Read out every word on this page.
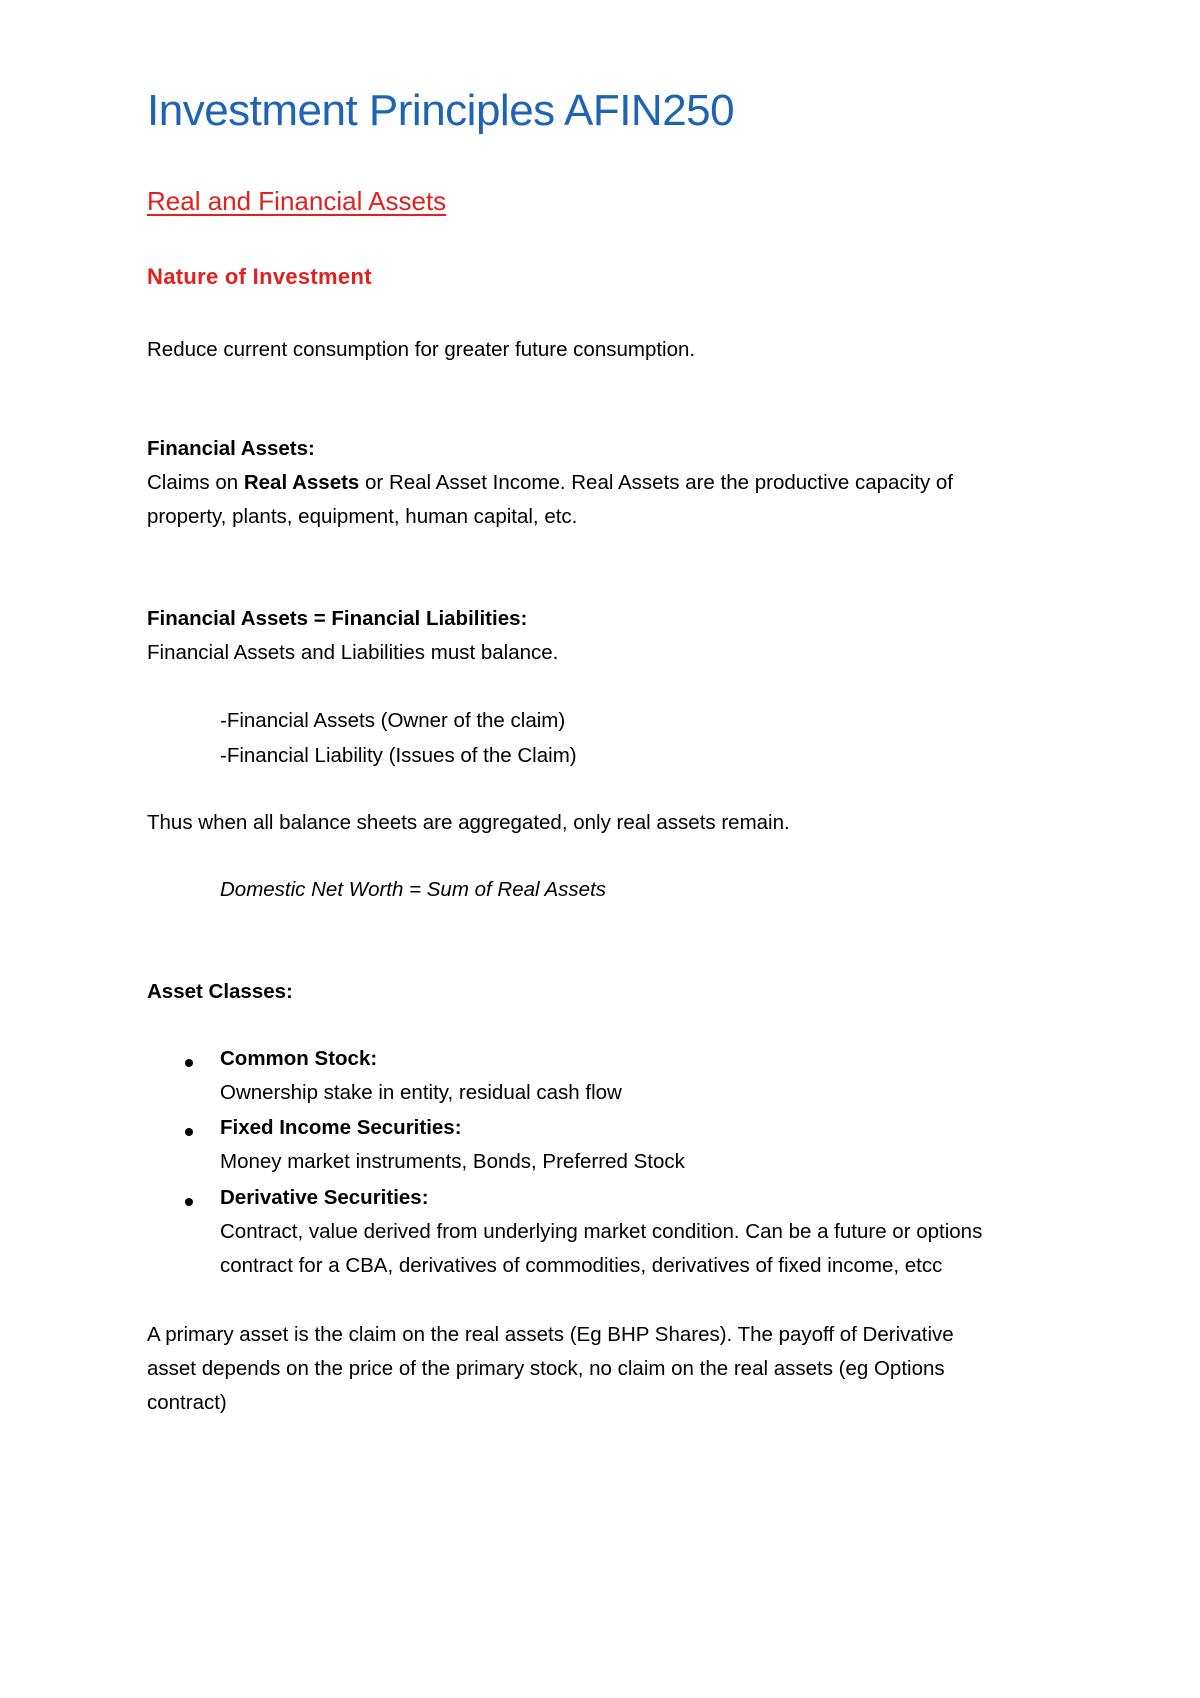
Investment Principles AFIN250
Real and Financial Assets
Nature of Investment
Reduce current consumption for greater future consumption.
Financial Assets:
Claims on Real Assets or Real Asset Income. Real Assets are the productive capacity of
property, plants, equipment, human capital, etc.
Financial Assets = Financial Liabilities:
Financial Assets and Liabilities must balance.
-Financial Assets (Owner of the claim)
-Financial Liability (Issues of the Claim)
Thus when all balance sheets are aggregated, only real assets remain.
Domestic Net Worth = Sum of Real Assets
Asset Classes:
Common Stock:
Ownership stake in entity, residual cash flow
Fixed Income Securities:
Money market instruments, Bonds, Preferred Stock
Derivative Securities:
Contract, value derived from underlying market condition. Can be a future or options
contract for a CBA, derivatives of commodities, derivatives of fixed income, etcc
A primary asset is the claim on the real assets (Eg BHP Shares). The payoff of Derivative
asset depends on the price of the primary stock, no claim on the real assets (eg Options
contract)
